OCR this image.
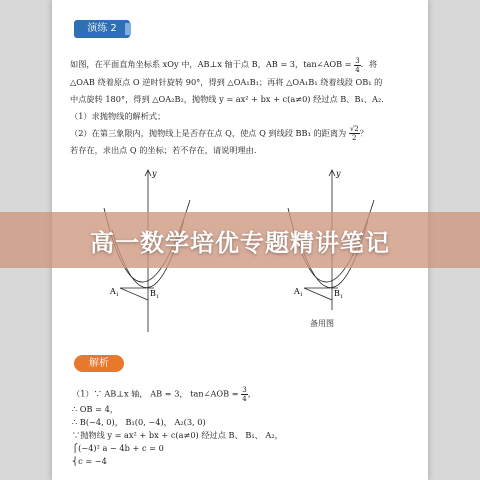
演练 2

如图，在平面直角坐标系 xOy 中，AB⊥x 轴于点 B，AB = 3，tan∠AOB = $\frac{3}{4}$ ．将

△OAB 绕着原点 O 逆时针旋转 90°，得到 △OA₁B₁；再将 △OA₁B₁ 绕着线段 OB₁ 的

中点旋转 180°，得到 △OA₂B₂，抛物线 y = ax² + bx + c(a≠0) 经过点 B、B₁、A₂．

（1）求抛物线的解析式；

（2）在第三象限内，抛物线上是否存在点 Q，使点 Q 到线段 BB₁ 的距离为 $\frac{√2}{2}$ ？

若存在，求出点 Q 的坐标；若不存在，请说明理由．

y
$A_1$	$B_1$
y
$A_1$	$B_1$
备用图
解析

（1）∵ AB⊥x 轴， AB = 3， tan∠AOB = $\frac{3}{4}$ ，

∴ OB = 4，

∴ B(−4, 0)， B₁(0, −4)， A₂(3, 0)

∵抛物线 y = ax² + bx + c(a≠0) 经过点 B、 B₁、 A₂，

⎧(−4)² a − 4b + c = 0

⎨c = −4

高一数学培优专题精讲笔记
